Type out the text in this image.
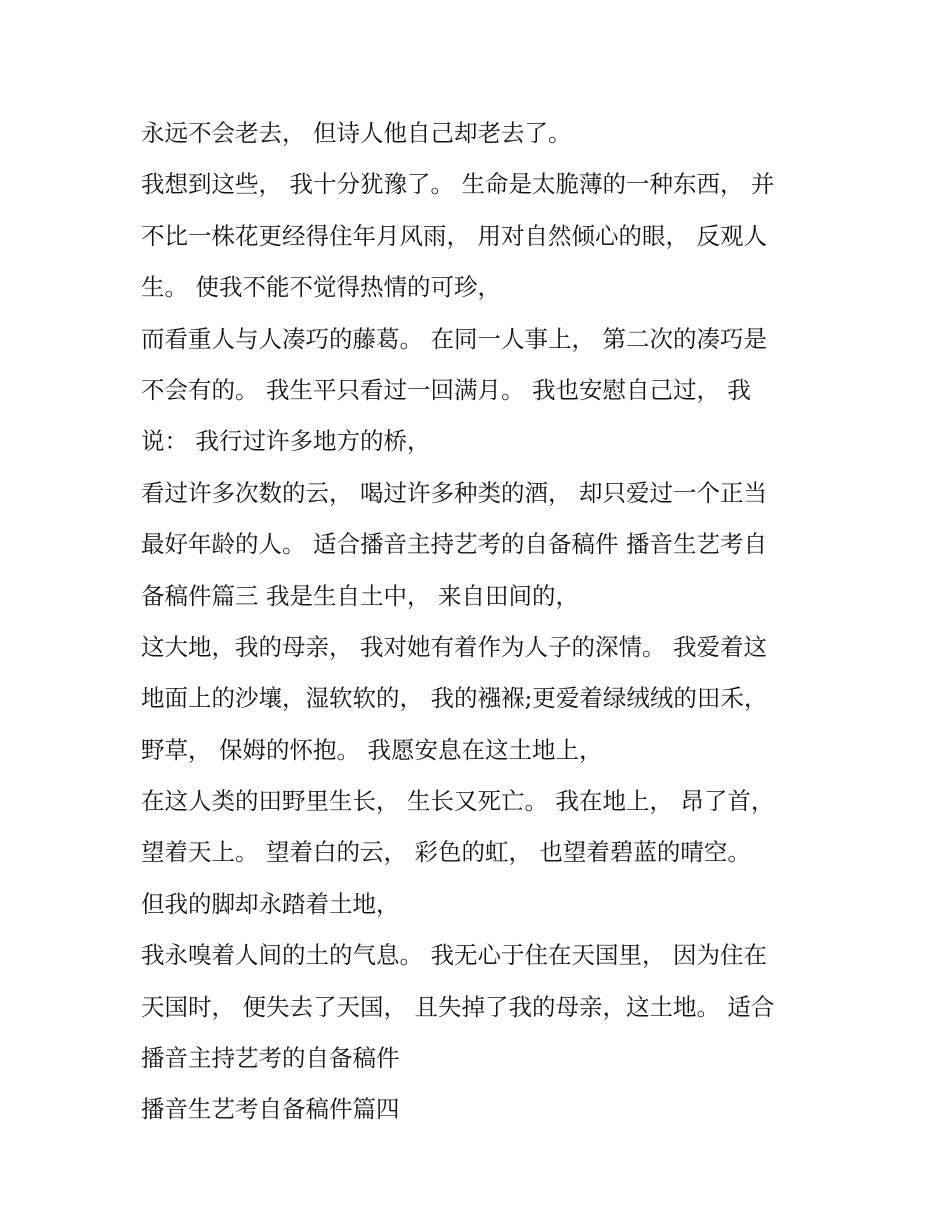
永远不会老去， 但诗人他自己却老去了。
我想到这些， 我十分犹豫了。 生命是太脆薄的一种东西， 并
不比一株花更经得住年月风雨， 用对自然倾心的眼， 反观人
生。 使我不能不觉得热情的可珍，
而看重人与人凑巧的藤葛。 在同一人事上， 第二次的凑巧是
不会有的。 我生平只看过一回满月。 我也安慰自己过， 我
说： 我行过许多地方的桥，
看过许多次数的云， 喝过许多种类的酒， 却只爱过一个正当
最好年龄的人。 适合播音主持艺考的自备稿件 播音生艺考自
备稿件篇三 我是生自土中， 来自田间的，
这大地，我的母亲， 我对她有着作为人子的深情。 我爱着这
地面上的沙壤，湿软软的， 我的襁褓;更爱着绿绒绒的田禾，
野草， 保姆的怀抱。 我愿安息在这土地上，
在这人类的田野里生长， 生长又死亡。 我在地上， 昂了首，
望着天上。 望着白的云， 彩色的虹， 也望着碧蓝的晴空。
但我的脚却永踏着土地，
我永嗅着人间的土的气息。 我无心于住在天国里， 因为住在
天国时， 便失去了天国， 且失掉了我的母亲，这土地。 适合
播音主持艺考的自备稿件
播音生艺考自备稿件篇四
